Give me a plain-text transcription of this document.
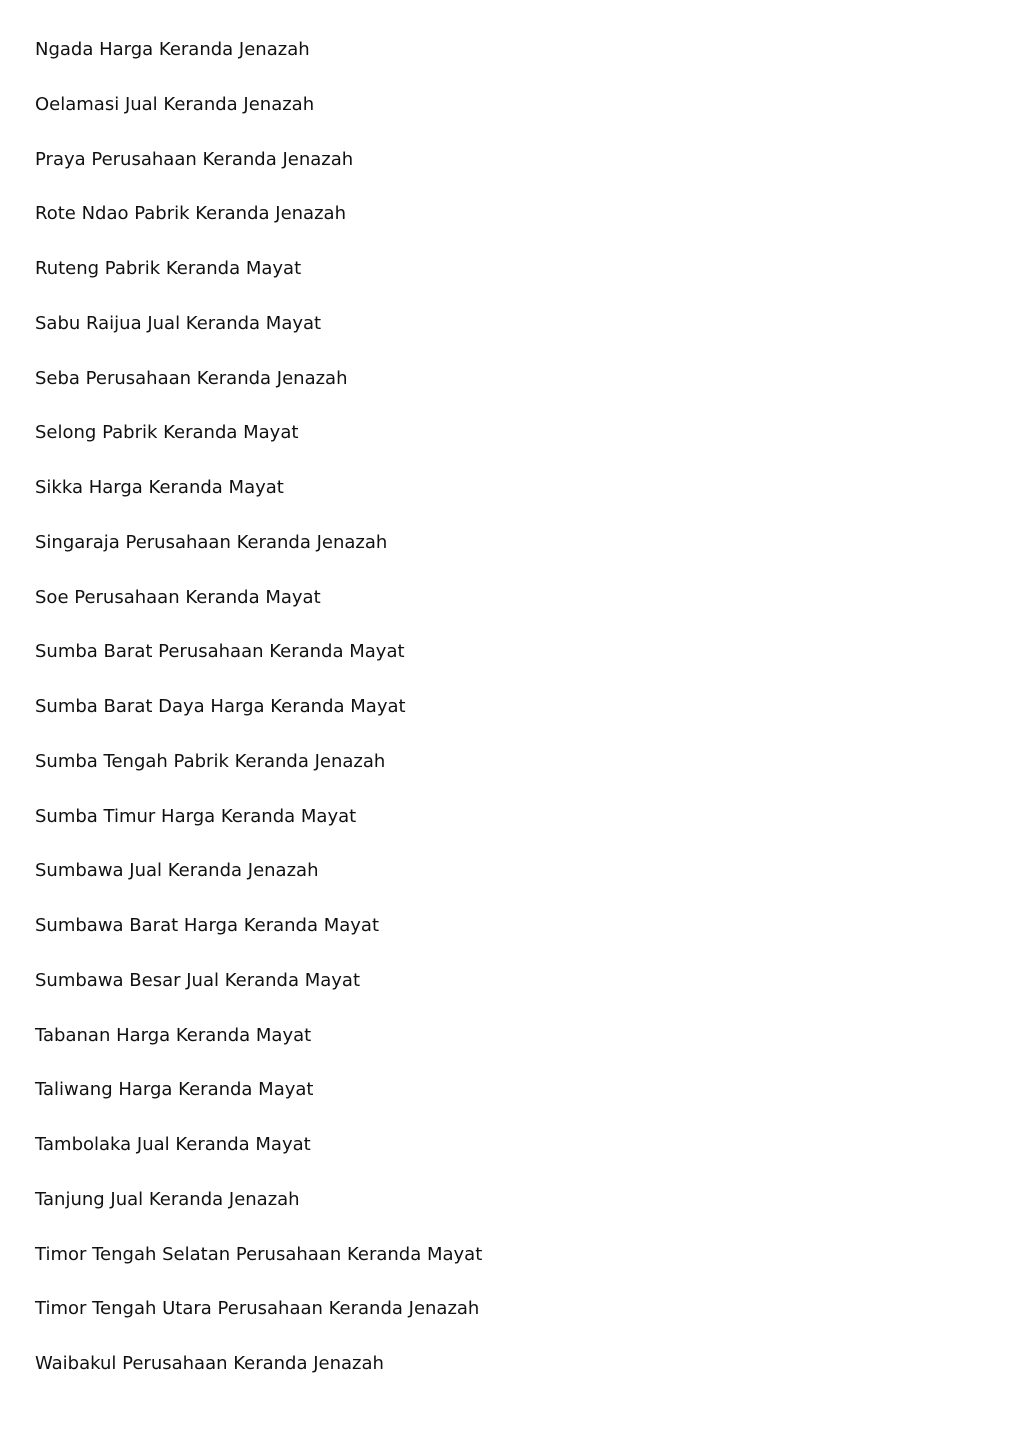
Ngada Harga Keranda Jenazah
Oelamasi Jual Keranda Jenazah
Praya Perusahaan Keranda Jenazah
Rote Ndao Pabrik Keranda Jenazah
Ruteng Pabrik Keranda Mayat
Sabu Raijua Jual Keranda Mayat
Seba Perusahaan Keranda Jenazah
Selong Pabrik Keranda Mayat
Sikka Harga Keranda Mayat
Singaraja Perusahaan Keranda Jenazah
Soe Perusahaan Keranda Mayat
Sumba Barat Perusahaan Keranda Mayat
Sumba Barat Daya Harga Keranda Mayat
Sumba Tengah Pabrik Keranda Jenazah
Sumba Timur Harga Keranda Mayat
Sumbawa Jual Keranda Jenazah
Sumbawa Barat Harga Keranda Mayat
Sumbawa Besar Jual Keranda Mayat
Tabanan Harga Keranda Mayat
Taliwang Harga Keranda Mayat
Tambolaka Jual Keranda Mayat
Tanjung Jual Keranda Jenazah
Timor Tengah Selatan Perusahaan Keranda Mayat
Timor Tengah Utara Perusahaan Keranda Jenazah
Waibakul Perusahaan Keranda Jenazah
